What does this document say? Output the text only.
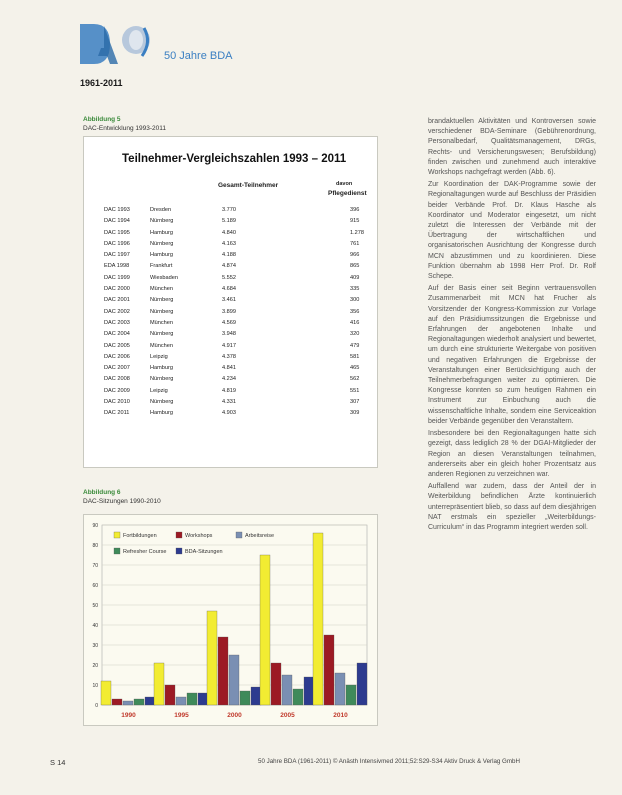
1961-2011
50 Jahre BDA
Abbildung 5
DAC-Entwicklung 1993-2011
Teilnehmer-Vergleichszahlen 1993 – 2011
Gesamt-Teilnehmer	davon
Pflegedienst
DAC 1993	Dresden	3.770	396
DAC 1994	Nürnberg	5.189	915
DAC 1995	Hamburg	4.840	1.278
DAC 1996	Nürnberg	4.163	761
DAC 1997	Hamburg	4.188	966
EDA 1998	Frankfurt	4.874	865
DAC 1999	Wiesbaden	5.552	409
DAC 2000	München	4.684	335
DAC 2001	Nürnberg	3.461	300
DAC 2002	Nürnberg	3.899	356
DAC 2003	München	4.569	416
DAC 2004	Nürnberg	3.948	320
DAC 2005	München	4.917	479
DAC 2006	Leipzig	4.378	581
DAC 2007	Hamburg	4.841	465
DAC 2008	Nürnberg	4.234	562
DAC 2009	Leipzig	4.819	551
DAC 2010	Nürnberg	4.331	307
DAC 2011	Hamburg	4.903	309
Abbildung 6
DAC-Sitzungen 1990-2010
0
10
20
30
40
50
60
70
80
90
1990	1995	2000	2005	2010
Fortbildungen	Workshops	Arbeitsreise
Refresher Course	BDA-Sitzungen

brandaktuellen Aktivitäten und Kontroversen sowie verschiedener BDA-Seminare (Gebührenordnung, Personalbedarf, Qualitätsmanagement, DRGs, Rechts- und Versicherungswesen; Berufsbildung) finden zwischen und zunehmend auch interaktive Workshops nachgefragt werden (Abb. 6).

Zur Koordination der DAK-Programme sowie der Regionaltagungen wurde auf Beschluss der Präsidien beider Verbände Prof. Dr. Klaus Hasche als Koordinator und Moderator eingesetzt, um nicht zuletzt die Interessen der Verbände mit der Übertragung der wirtschaftlichen und organisatorischen Ausrichtung der Kongresse durch MCN abzustimmen und zu koordinieren. Diese Funktion übernahm ab 1998 Herr Prof. Dr. Rolf Schepe.

Auf der Basis einer seit Beginn vertrauensvollen Zusammenarbeit mit MCN hat Frucher als Vorsitzender der Kongress-Kommission zur Vorlage auf den Präsidiumssitzungen die Ergebnisse und Erfahrungen der angebotenen Inhalte und Regionaltagungen wiederholt analysiert und bewertet, um durch eine strukturierte Weitergabe von positiven und negativen Erfahrungen die Ergebnisse der Veranstaltungen einer Berücksichtigung auch der Teilnehmerbefragungen weiter zu optimieren. Die Kongresse konnten so zum heutigen Rahmen ein Instrument zur Einbuchung auch die wissenschaftliche Inhalte, sondern eine Serviceaktion beider Verbände gegenüber den Veranstaltern.

Insbesondere bei den Regionaltagungen hatte sich gezeigt, dass lediglich 28 % der DGAI-Mitglieder der Region an diesen Veranstaltungen teilnahmen, andererseits aber ein gleich hoher Prozentsatz aus anderen Regionen zu verzeichnen war.

Auffallend war zudem, dass der Anteil der in Weiterbildung befindlichen Ärzte kontinuierlich unterrepräsentiert blieb, so dass auf dem diesjährigen NAT erstmals ein spezieller „Weiterbildungs-Curriculum“ in das Programm integriert werden soll.

S 14	50 Jahre BDA (1961-2011) © Anästh Intensivmed 2011;52:S29-S34 Aktiv Druck & Verlag GmbH
